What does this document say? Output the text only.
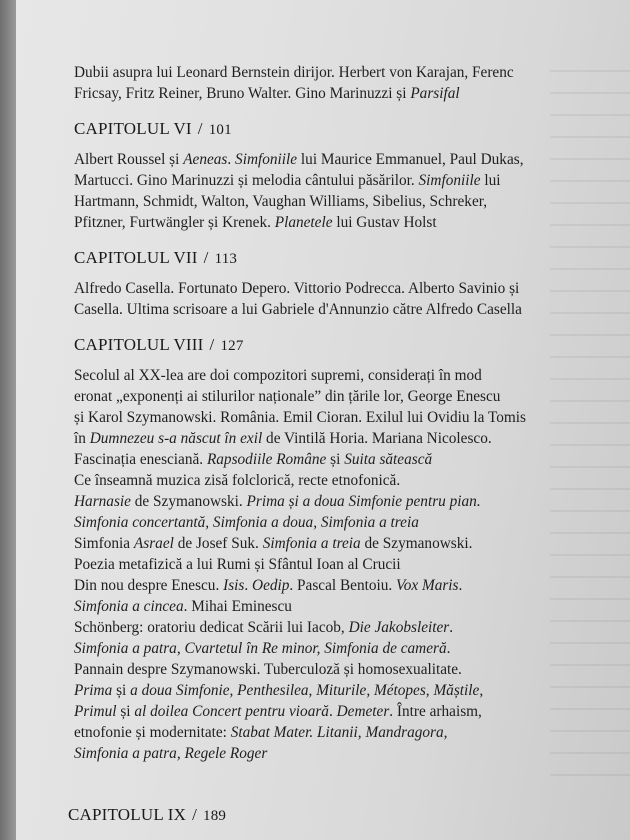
Dubii asupra lui Leonard Bernstein dirijor. Herbert von Karajan, Ferenc

Fricsay, Fritz Reiner, Bruno Walter. Gino Marinuzzi și Parsifal

CAPITOLUL VI / 101

Albert Roussel și Aeneas. Simfoniile lui Maurice Emmanuel, Paul Dukas,

Martucci. Gino Marinuzzi și melodia cântului păsărilor. Simfoniile lui

Hartmann, Schmidt, Walton, Vaughan Williams, Sibelius, Schreker,

Pfitzner, Furtwängler și Krenek. Planetele lui Gustav Holst

CAPITOLUL VII / 113

Alfredo Casella. Fortunato Depero. Vittorio Podrecca. Alberto Savinio și

Casella. Ultima scrisoare a lui Gabriele d'Annunzio către Alfredo Casella

CAPITOLUL VIII / 127

Secolul al XX-lea are doi compozitori supremi, considerați în mod

eronat „exponenți ai stilurilor naționale” din țările lor, George Enescu

și Karol Szymanowski. România. Emil Cioran. Exilul lui Ovidiu la Tomis

în Dumnezeu s-a născut în exil de Vintilă Horia. Mariana Nicolesco.

Fascinația enesciană. Rapsodiile Române și Suita sătească

Ce înseamnă muzica zisă folclorică, recte etnofonică.

Harnasie de Szymanowski. Prima și a doua Simfonie pentru pian.

Simfonia concertantă, Simfonia a doua, Simfonia a treia

Simfonia Asrael de Josef Suk. Simfonia a treia de Szymanowski.

Poezia metafizică a lui Rumi și Sfântul Ioan al Crucii

Din nou despre Enescu. Isis. Oedip. Pascal Bentoiu. Vox Maris.

Simfonia a cincea. Mihai Eminescu

Schönberg: oratoriu dedicat Scării lui Iacob, Die Jakobsleiter.

Simfonia a patra, Cvartetul în Re minor, Simfonia de cameră.

Pannain despre Szymanowski. Tuberculoză și homosexualitate.

Prima și a doua Simfonie, Penthesilea, Miturile, Métopes, Măștile,

Primul și al doilea Concert pentru vioară. Demeter. Între arhaism,

etnofonie și modernitate: Stabat Mater. Litanii, Mandragora,

Simfonia a patra, Regele Roger

CAPITOLUL IX / 189
